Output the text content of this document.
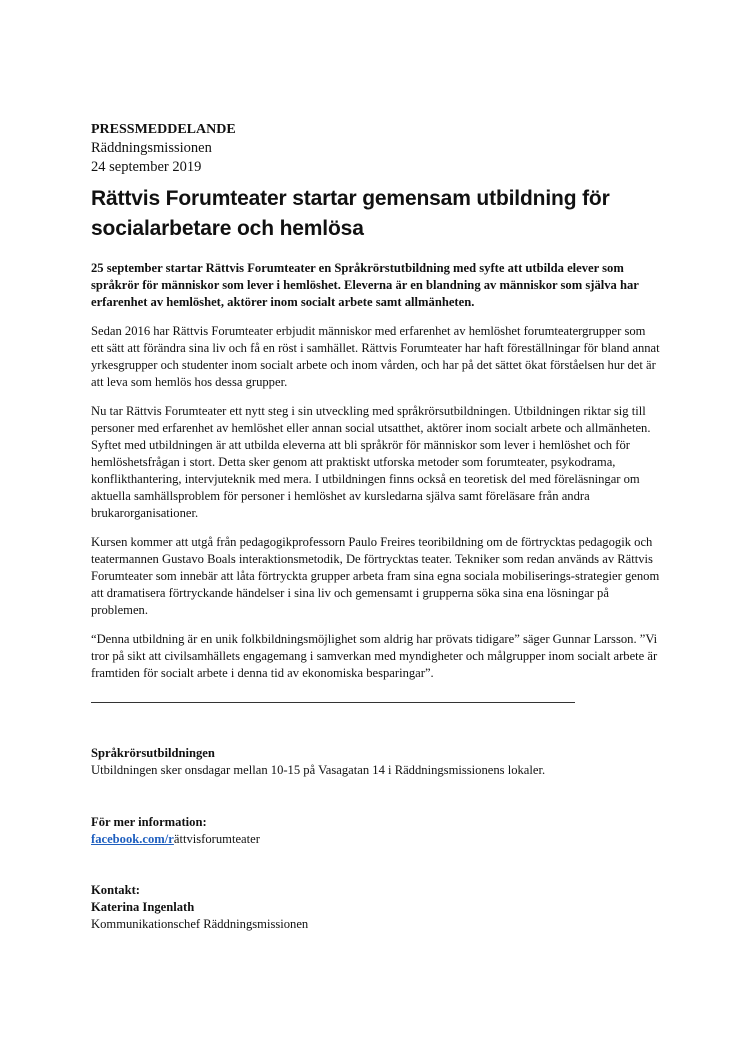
PRESSMEDDELANDE
Räddningsmissionen
24 september 2019
Rättvis Forumteater startar gemensam utbildning för socialarbetare och hemlösa

25 september startar Rättvis Forumteater en Språkrörstutbildning med syfte att utbilda elever som språkrör för människor som lever i hemlöshet. Eleverna är en blandning av människor som själva har erfarenhet av hemlöshet, aktörer inom socialt arbete samt allmänheten.

Sedan 2016 har Rättvis Forumteater erbjudit människor med erfarenhet av hemlöshet forumteatergrupper som ett sätt att förändra sina liv och få en röst i samhället. Rättvis Forumteater har haft föreställningar för bland annat yrkesgrupper och studenter inom socialt arbete och inom vården, och har på det sättet ökat förståelsen hur det är att leva som hemlös hos dessa grupper.

Nu tar Rättvis Forumteater ett nytt steg i sin utveckling med språkrörsutbildningen. Utbildningen riktar sig till personer med erfarenhet av hemlöshet eller annan social utsatthet, aktörer inom socialt arbete och allmänheten. Syftet med utbildningen är att utbilda eleverna att bli språkrör för människor som lever i hemlöshet och för hemlöshetsfrågan i stort. Detta sker genom att praktiskt utforska metoder som forumteater, psykodrama, konflikthantering, intervjuteknik med mera. I utbildningen finns också en teoretisk del med föreläsningar om aktuella samhällsproblem för personer i hemlöshet av kursledarna själva samt föreläsare från andra brukarorganisationer.

Kursen kommer att utgå från pedagogikprofessorn Paulo Freires teoribildning om de förtrycktas pedagogik och teatermannen Gustavo Boals interaktionsmetodik, De förtrycktas teater. Tekniker som redan används av Rättvis Forumteater som innebär att låta förtryckta grupper arbeta fram sina egna sociala mobiliserings-strategier genom att dramatisera förtryckande händelser i sina liv och gemensamt i grupperna söka sina ena lösningar på problemen.

“Denna utbildning är en unik folkbildningsmöjlighet som aldrig har prövats tidigare” säger Gunnar Larsson. ”Vi tror på sikt att civilsamhällets engagemang i samverkan med myndigheter och målgrupper inom socialt arbete är framtiden för socialt arbete i denna tid av ekonomiska besparingar”.

Språkrörsutbildningen
Utbildningen sker onsdagar mellan 10-15 på Vasagatan 14 i Räddningsmissionens lokaler.
För mer information:
facebook.com/rättvisforumteater
Kontakt:
Katerina Ingenlath
Kommunikationschef Räddningsmissionen
